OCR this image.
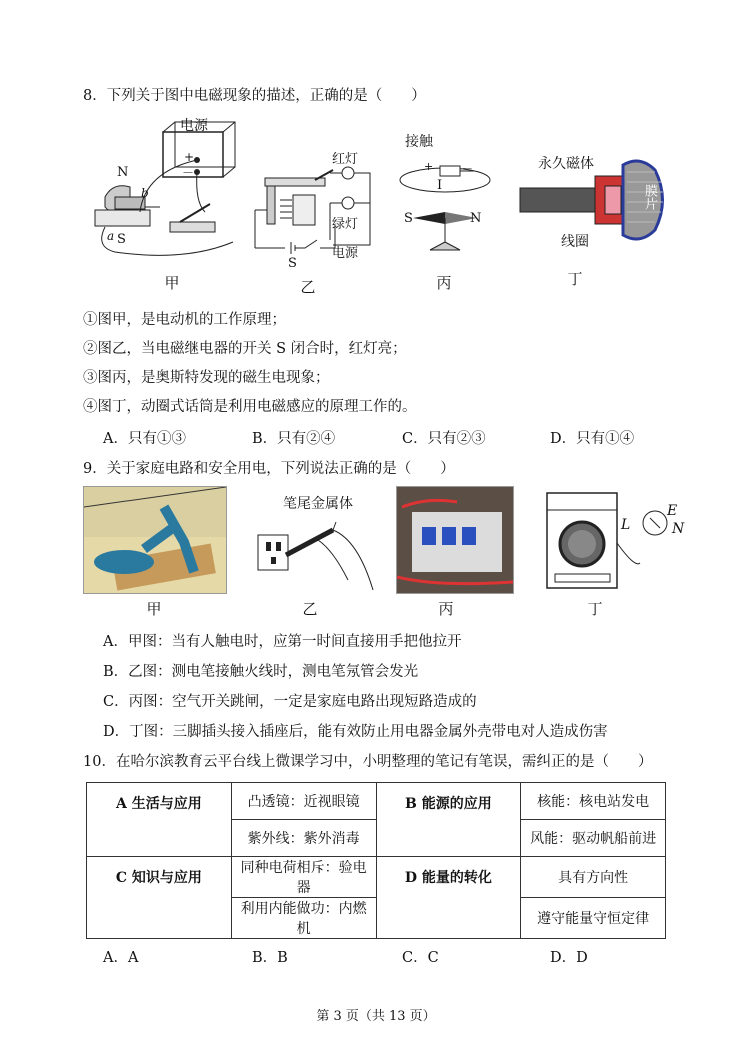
8．下列关于图中电磁现象的描述，正确的是（　　）
电源
+
－
N
b
a S
甲
红灯
绿灯
电源
S
乙
接触
+	－
I
S	N
丙
永久磁体
膜片
线圈
丁
①图甲，是电动机的工作原理；
②图乙，当电磁继电器的开关 S 闭合时，红灯亮；
③图丙，是奥斯特发现的磁生电现象；
④图丁，动圈式话筒是利用电磁感应的原理工作的。
A．只有①③	B．只有②④	C．只有②③	D．只有①④
9．关于家庭电路和安全用电，下列说法正确的是（　　）
甲
笔尾金属体
乙	丙
L
E
N
丁
A．甲图：当有人触电时，应第一时间直接用手把他拉开
B．乙图：测电笔接触火线时，测电笔氖管会发光
C．丙图：空气开关跳闸，一定是家庭电路出现短路造成的
D．丁图：三脚插头接入插座后，能有效防止用电器金属外壳带电对人造成伤害
10．在哈尔滨教育云平台线上微课学习中，小明整理的笔记有笔误，需纠正的是（　　）
A 生活与应用	凸透镜：近视眼镜	B 能源的应用	核能：核电站发电
	紫外线：紫外消毒		风能：驱动帆船前进
C 知识与应用	同种电荷相斥：验电器	D 能量的转化	具有方向性
	利用内能做功：内燃机		遵守能量守恒定律
A．A	B．B	C．C	D．D
第 3 页（共 13 页）
